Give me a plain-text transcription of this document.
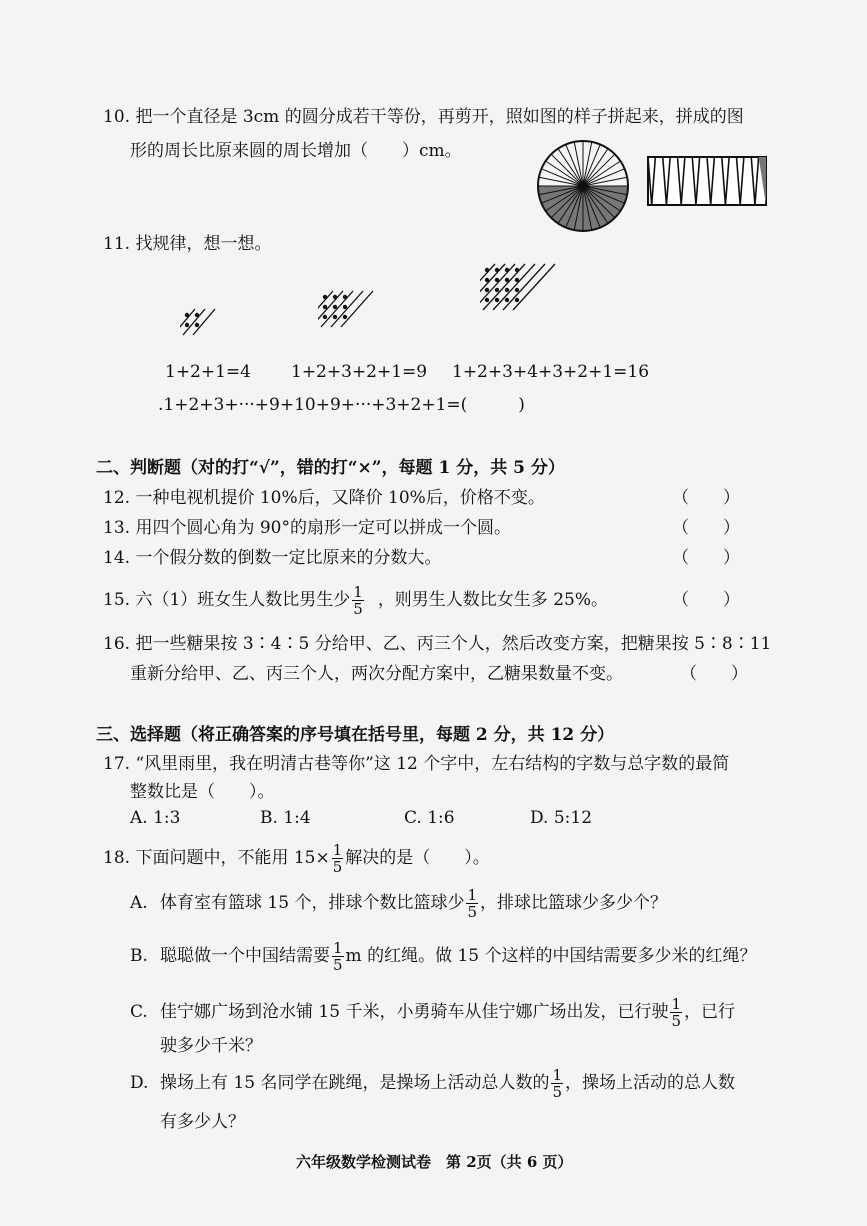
10. 把一个直径是 3cm 的圆分成若干等份，再剪开，照如图的样子拼起来，拼成的图
形的周长比原来圆的周长增加（　　）cm。
11. 找规律，想一想。
1+2+1=4 1+2+3+2+1=9 1+2+3+4+3+2+1=16
.1+2+3+···+9+10+9+···+3+2+1=(　　　)
二、判断题（对的打“√”，错的打“×”，每题 1 分，共 5 分）
12. 一种电视机提价 10%后，又降价 10%后，价格不变。	（　　）
13. 用四个圆心角为 90°的扇形一定可以拼成一个圆。	（　　）
14. 一个假分数的倒数一定比原来的分数大。	（　　）
15. 六（1）班女生人数比男生少 $\frac{1}{5}$ ，则男生人数比女生多 25%。	（　　）
16. 把一些糖果按 3∶4∶5 分给甲、乙、丙三个人，然后改变方案，把糖果按 5∶8∶11
重新分给甲、乙、丙三个人，两次分配方案中，乙糖果数量不变。	（　　）
三、选择题（将正确答案的序号填在括号里，每题 2 分，共 12 分）
17. “风里雨里，我在明清古巷等你”这 12 个字中，左右结构的字数与总字数的最简
整数比是（　　）。
A. 1:3	B. 1:4	C. 1:6	D. 5:12
18. 下面问题中，不能用 $15\times \frac{1}{5}$ 解决的是（　　）。
A. 体育室有篮球 15 个，排球个数比篮球少 $\frac{1}{5}$ ，排球比篮球少多少个？
B. 聪聪做一个中国结需要 $\frac{1}{5}$ m 的红绳。做 15 个这样的中国结需要多少米的红绳？
C. 佳宁娜广场到沧水铺 15 千米，小勇骑车从佳宁娜广场出发，已行驶 $\frac{1}{5}$ ，已行
驶多少千米？
D. 操场上有 15 名同学在跳绳，是操场上活动总人数的 $\frac{1}{5}$ ，操场上活动的总人数
有多少人？
六年级数学检测试卷　第 2页（共 6 页）
